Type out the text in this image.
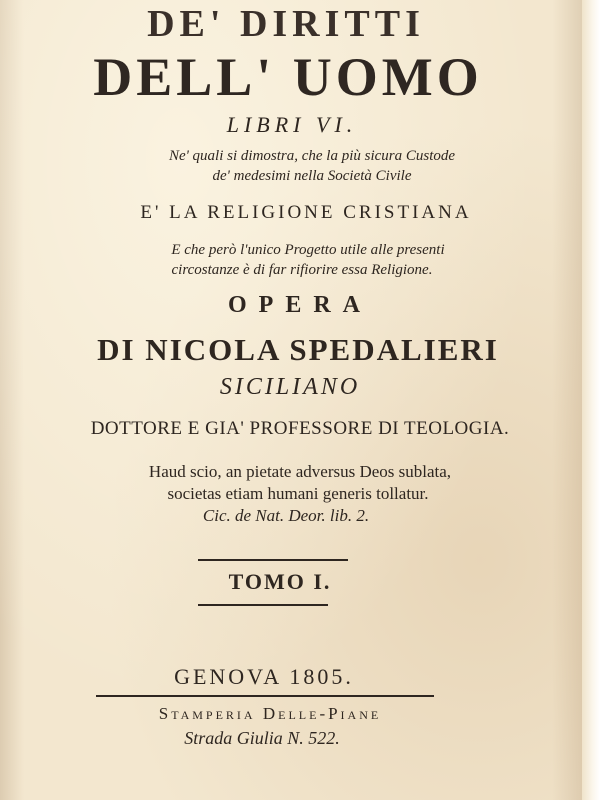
DE' DIRITTI
DELL' UOMO
LIBRI VI.
Ne' quali si dimostra, che la più sicura Custode
de' medesimi nella Società Civile
E' LA RELIGIONE CRISTIANA
E che però l'unico Progetto utile alle presenti
circostanze è di far rifiorire essa Religione.
OPERA
DI NICOLA SPEDALIERI
SICILIANO
DOTTORE E GIA' PROFESSORE DI TEOLOGIA.
Haud scio, an pietate adversus Deos sublata,
societas etiam humani generis tollatur.
Cic. de Nat. Deor. lib. 2.
TOMO I.
GENOVA 1805.
Stamperia Delle-Piane
Strada Giulia N. 522.
